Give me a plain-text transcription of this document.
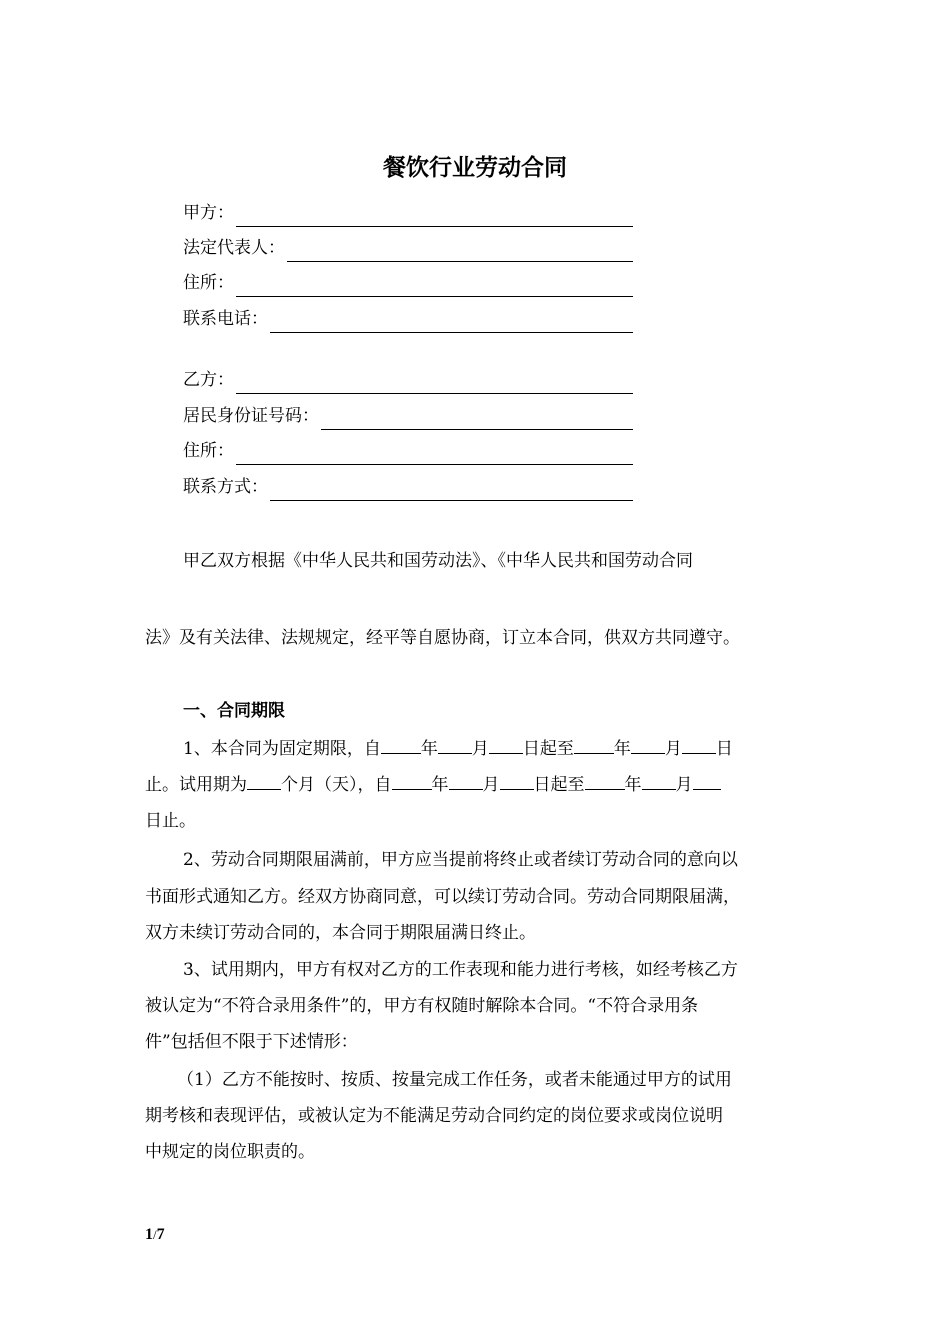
餐饮行业劳动合同
甲方：
法定代表人：
住所：
联系电话：
乙方：
居民身份证号码：
住所：
联系方式：
甲乙双方根据《中华人民共和国劳动法》、《中华人民共和国劳动合同
法》及有关法律、法规规定，经平等自愿协商，订立本合同，供双方共同遵守。
一、合同期限
1、本合同为固定期限，自 年 月 日起至 年 月 日
止。试用期为 个月（天），自 年 月 日起至 年 月
日止。
2、劳动合同期限届满前，甲方应当提前将终止或者续订劳动合同的意向以
书面形式通知乙方。经双方协商同意，可以续订劳动合同。劳动合同期限届满，
双方未续订劳动合同的，本合同于期限届满日终止。
3、试用期内，甲方有权对乙方的工作表现和能力进行考核，如经考核乙方
被认定为“不符合录用条件”的，甲方有权随时解除本合同。“不符合录用条
件”包括但不限于下述情形：
（1）乙方不能按时、按质、按量完成工作任务，或者未能通过甲方的试用
期考核和表现评估，或被认定为不能满足劳动合同约定的岗位要求或岗位说明
中规定的岗位职责的。
1/7
